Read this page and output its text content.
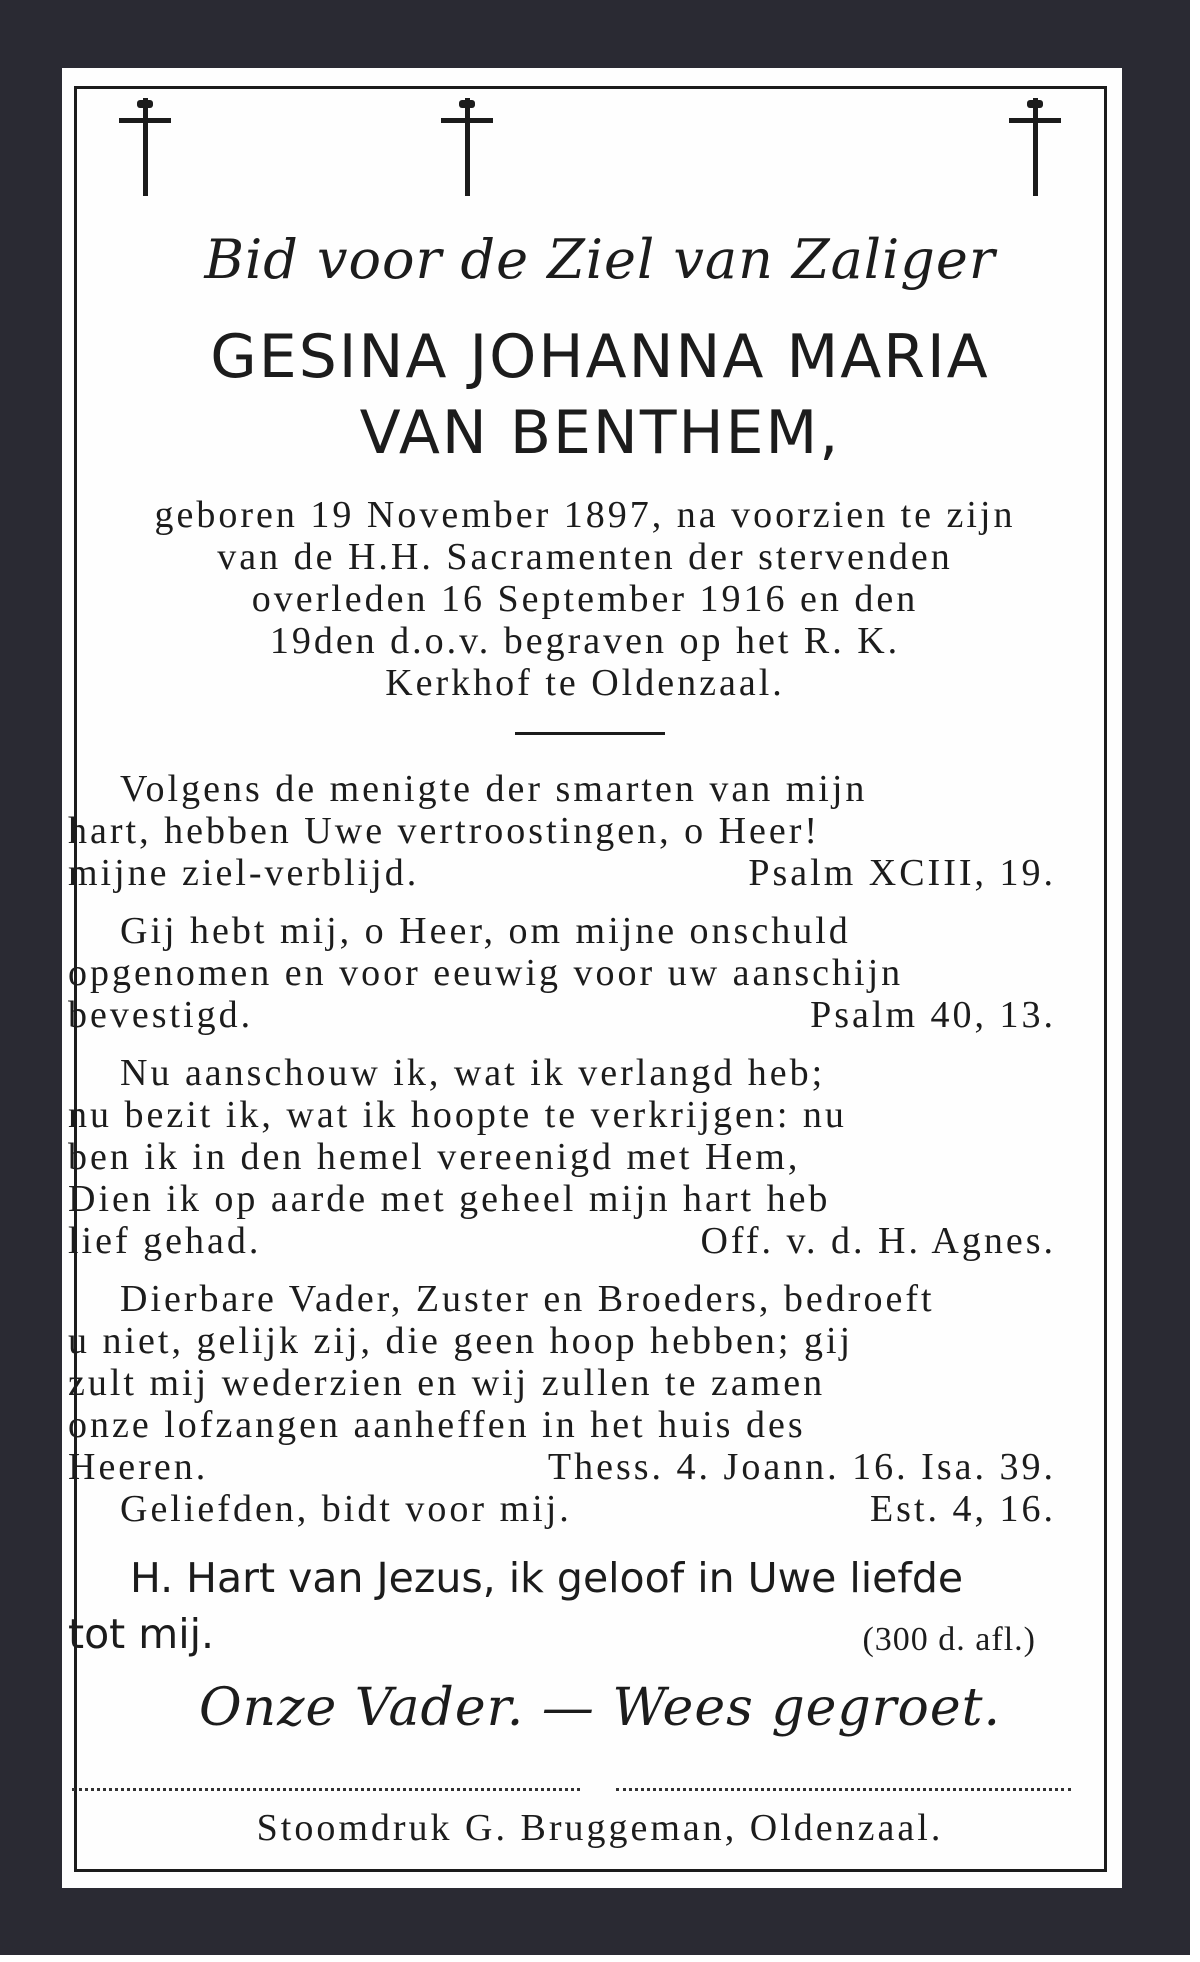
Bid voor de Ziel van Zaliger
GESINA JOHANNA MARIA
VAN BENTHEM,
geboren 19 November 1897, na voorzien te zijn
van de H.H. Sacramenten der stervenden
overleden 16 September 1916 en den
19den d.o.v. begraven op het R. K.
Kerkhof te Oldenzaal.
Volgens de menigte der smarten van mijn
hart, hebben Uwe vertroostingen, o Heer!
mijne ziel-verblijd.	Psalm XCIII, 19.
Gij hebt mij, o Heer, om mijne onschuld
opgenomen en voor eeuwig voor uw aanschijn
bevestigd.	Psalm 40, 13.
Nu aanschouw ik, wat ik verlangd heb;
nu bezit ik, wat ik hoopte te verkrijgen: nu
ben ik in den hemel vereenigd met Hem,
Dien ik op aarde met geheel mijn hart heb
lief gehad.	Off. v. d. H. Agnes.
Dierbare Vader, Zuster en Broeders, bedroeft
u niet, gelijk zij, die geen hoop hebben; gij
zult mij wederzien en wij zullen te zamen
onze lofzangen aanheffen in het huis des
Heeren.	Thess. 4. Joann. 16. Isa. 39.
Geliefden, bidt voor mij.	Est. 4, 16.
H. Hart van Jezus, ik geloof in Uwe liefde
tot mij.	(300 d. afl.)
Onze Vader. — Wees gegroet.
Stoomdruk G. Bruggeman, Oldenzaal.
